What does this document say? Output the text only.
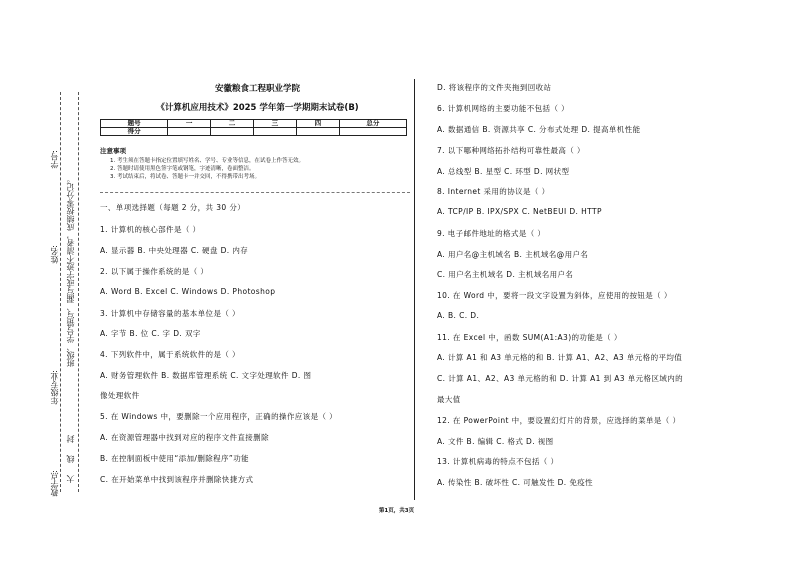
学号:
姓名:
年级专业:
教学点:
班级、学号错写、漏写或字迹不清者，成绩按零分记。
封
线
大
安徽粮食工程职业学院
《计算机应用技术》2025 学年第一学期期末试卷(B)
题号	一	二	三	四	总分
得分					
注意事项
1. 考生须在答题卡指定位置填写姓名、学号、专业等信息，在试卷上作答无效。
2. 答题时请使用黑色签字笔或钢笔，字迹清晰，卷面整洁。
3. 考试结束后，将试卷、答题卡一并交回，不得携带出考场。
一、单项选择题（每题 2 分，共 30 分）
1. 计算机的核心部件是（ ）
A. 显示器 B. 中央处理器 C. 硬盘 D. 内存
2. 以下属于操作系统的是（ ）
A. Word B. Excel C. Windows D. Photoshop
3. 计算机中存储容量的基本单位是（ ）
A. 字节 B. 位 C. 字 D. 双字
4. 下列软件中，属于系统软件的是（ ）
A. 财务管理软件 B. 数据库管理系统 C. 文字处理软件 D. 图
像处理软件
5. 在 Windows 中，要删除一个应用程序，正确的操作应该是（ ）
A. 在资源管理器中找到对应的程序文件直接删除
B. 在控制面板中使用“添加/删除程序”功能
C. 在开始菜单中找到该程序并删除快捷方式
D. 将该程序的文件夹拖到回收站
6. 计算机网络的主要功能不包括（ ）
A. 数据通信 B. 资源共享 C. 分布式处理 D. 提高单机性能
7. 以下哪种网络拓扑结构可靠性最高（ ）
A. 总线型 B. 星型 C. 环型 D. 网状型
8. Internet 采用的协议是（ ）
A. TCP/IP B. IPX/SPX C. NetBEUI D. HTTP
9. 电子邮件地址的格式是（ ）
A. 用户名@主机域名 B. 主机域名@用户名
C. 用户名主机域名 D. 主机域名用户名
10. 在 Word 中，要将一段文字设置为斜体，应使用的按钮是（ ）
A. B. C. D.
11. 在 Excel 中，函数 SUM(A1:A3)的功能是（ ）
A. 计算 A1 和 A3 单元格的和 B. 计算 A1、A2、A3 单元格的平均值
C. 计算 A1、A2、A3 单元格的和 D. 计算 A1 到 A3 单元格区域内的
最大值
12. 在 PowerPoint 中，要设置幻灯片的背景，应选择的菜单是（ ）
A. 文件 B. 编辑 C. 格式 D. 视图
13. 计算机病毒的特点不包括（ ）
A. 传染性 B. 破坏性 C. 可触发性 D. 免疫性
第1页，共3页
